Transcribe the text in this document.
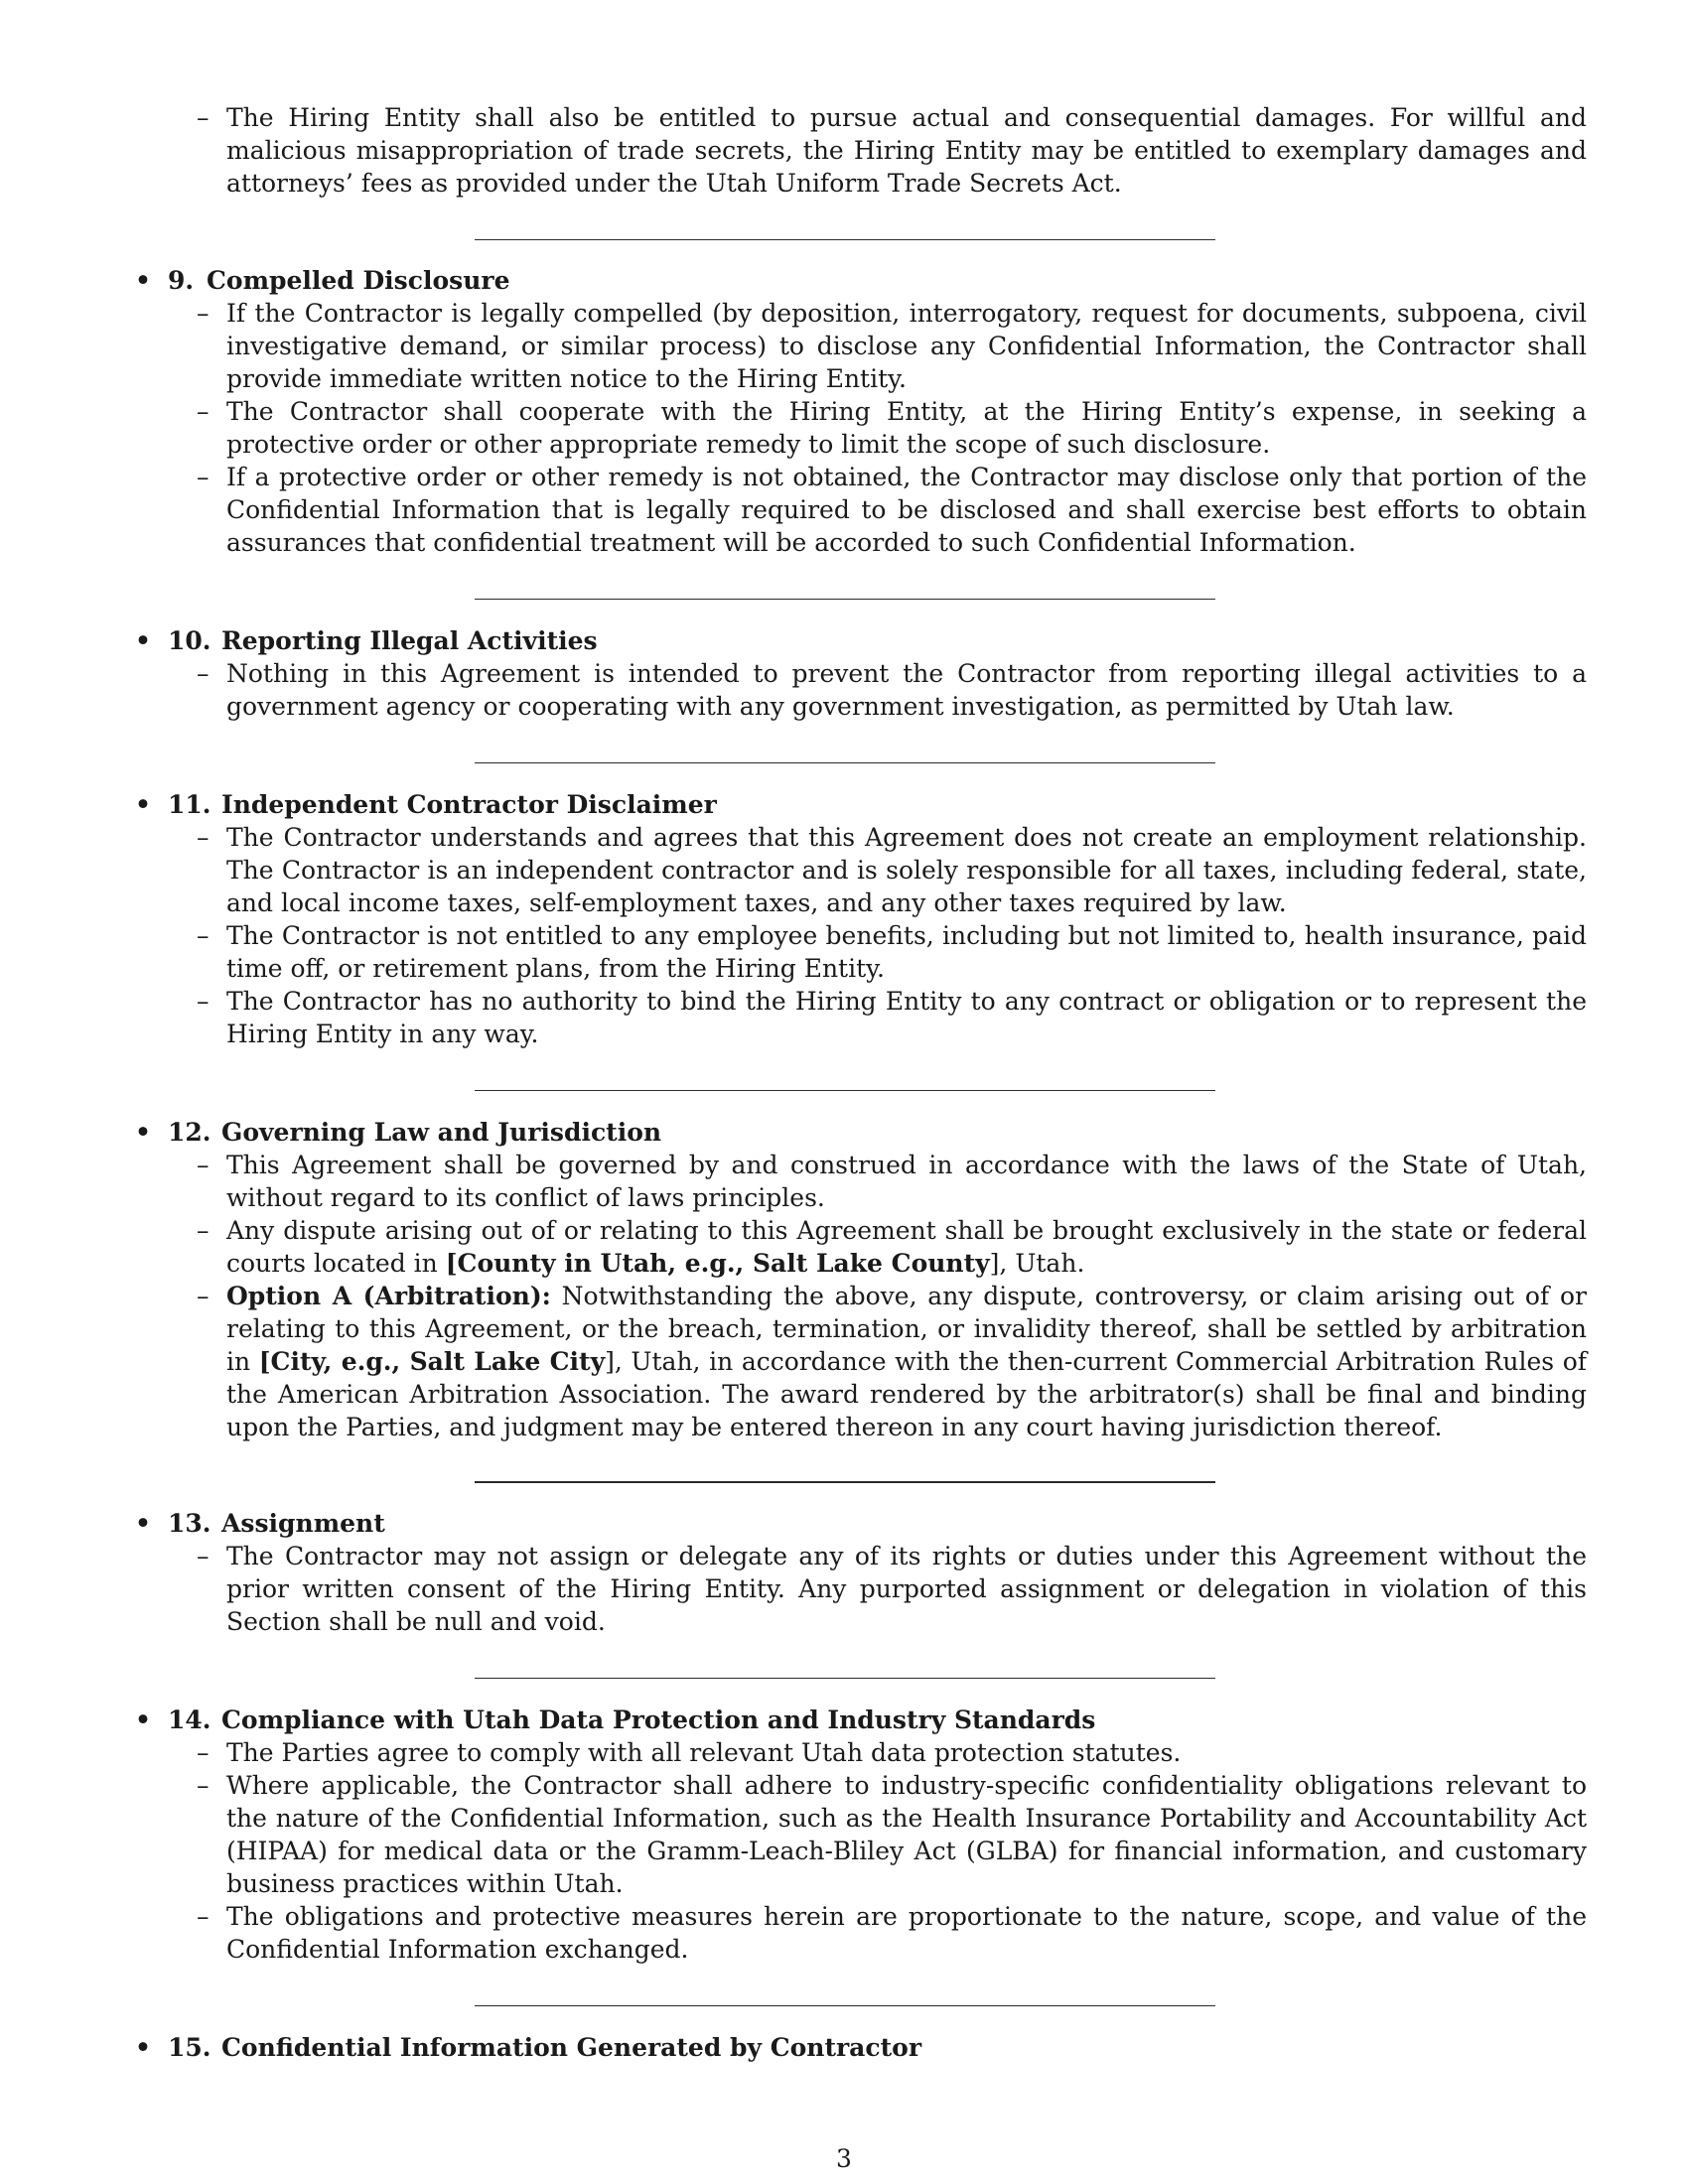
– The Hiring Entity shall also be entitled to pursue actual and consequential damages. For willful and malicious misappropriation of trade secrets, the Hiring Entity may be entitled to exemplary damages and attorneys’ fees as provided under the Utah Uniform Trade Secrets Act.
• 9. Compelled Disclosure
– If the Contractor is legally compelled (by deposition, interrogatory, request for documents, subpoena, civil investigative demand, or similar process) to disclose any Confidential Information, the Contractor shall provide immediate written notice to the Hiring Entity.
– The Contractor shall cooperate with the Hiring Entity, at the Hiring Entity’s expense, in seeking a protective order or other appropriate remedy to limit the scope of such disclosure.
– If a protective order or other remedy is not obtained, the Contractor may disclose only that portion of the Confidential Information that is legally required to be disclosed and shall exercise best efforts to obtain assurances that confidential treatment will be accorded to such Confidential Information.
• 10. Reporting Illegal Activities
– Nothing in this Agreement is intended to prevent the Contractor from reporting illegal activities to a government agency or cooperating with any government investigation, as permitted by Utah law.
• 11. Independent Contractor Disclaimer
– The Contractor understands and agrees that this Agreement does not create an employment relationship. The Contractor is an independent contractor and is solely responsible for all taxes, including federal, state, and local income taxes, self-employment taxes, and any other taxes required by law.
– The Contractor is not entitled to any employee benefits, including but not limited to, health insurance, paid time off, or retirement plans, from the Hiring Entity.
– The Contractor has no authority to bind the Hiring Entity to any contract or obligation or to represent the Hiring Entity in any way.
• 12. Governing Law and Jurisdiction
– This Agreement shall be governed by and construed in accordance with the laws of the State of Utah, without regard to its conflict of laws principles.
– Any dispute arising out of or relating to this Agreement shall be brought exclusively in the state or federal courts located in [County in Utah, e.g., Salt Lake County], Utah.
– Option A (Arbitration): Notwithstanding the above, any dispute, controversy, or claim arising out of or relating to this Agreement, or the breach, termination, or invalidity thereof, shall be settled by arbitration in [City, e.g., Salt Lake City], Utah, in accordance with the then-current Commercial Arbitration Rules of the American Arbitration Association. The award rendered by the arbitrator(s) shall be final and binding upon the Parties, and judgment may be entered thereon in any court having jurisdiction thereof.
• 13. Assignment
– The Contractor may not assign or delegate any of its rights or duties under this Agreement without the prior written consent of the Hiring Entity. Any purported assignment or delegation in violation of this Section shall be null and void.
• 14. Compliance with Utah Data Protection and Industry Standards
– The Parties agree to comply with all relevant Utah data protection statutes.
– Where applicable, the Contractor shall adhere to industry-specific confidentiality obligations relevant to the nature of the Confidential Information, such as the Health Insurance Portability and Accountability Act (HIPAA) for medical data or the Gramm-Leach-Bliley Act (GLBA) for financial information, and customary business practices within Utah.
– The obligations and protective measures herein are proportionate to the nature, scope, and value of the Confidential Information exchanged.
• 15. Confidential Information Generated by Contractor
3
